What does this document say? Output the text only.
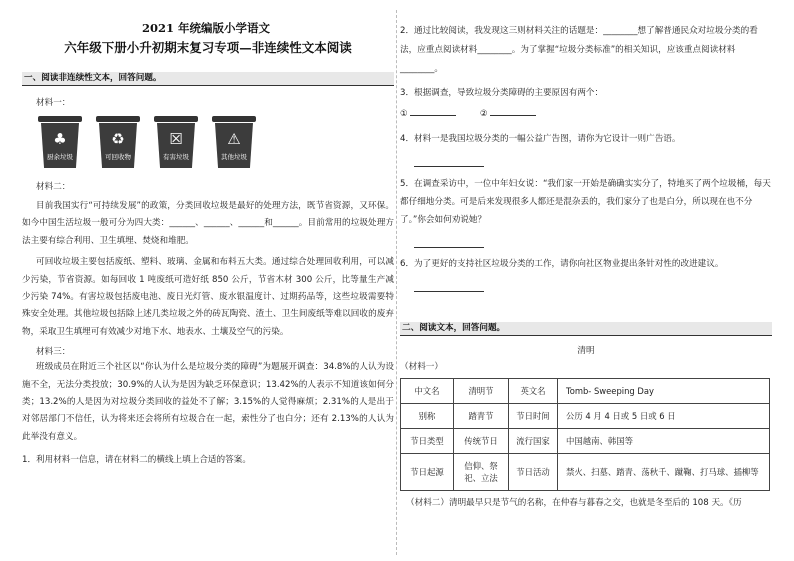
2021 年统编版小学语文
六年级下册小升初期末复习专项—非连续性文本阅读
一、阅读非连续性文本，回答问题。
材料一：
♣
厨余垃圾
♻
可回收物
☒
有害垃圾
⚠
其他垃圾
材料二：
目前我国实行“可持续发展”的政策，分类回收垃圾是最好的处理方法，既节省资源，又环保。如今中国生活垃圾一般可分为四大类：______、______、______和______。目前常用的垃圾处理方法主要有综合利用、卫生填埋、焚烧和堆肥。
可回收垃圾主要包括废纸、塑料、玻璃、金属和布料五大类。通过综合处理回收利用，可以减少污染，节省资源。如每回收 1 吨废纸可造好纸 850 公斤，节省木材 300 公斤，比等量生产减少污染 74%。有害垃圾包括废电池、废日光灯管、废水银温度计、过期药品等，这些垃圾需要特殊安全处理。其他垃圾包括除上述几类垃圾之外的砖瓦陶瓷、渣土、卫生间废纸等难以回收的废弃物，采取卫生填埋可有效减少对地下水、地表水、土壤及空气的污染。
材料三：
班级成员在附近三个社区以“你认为什么是垃圾分类的障碍”为题展开调查：34.8%的人认为设施不全，无法分类投放；30.9%的人认为是因为缺乏环保意识；13.42%的人表示不知道该如何分类；13.2%的人是因为对垃圾分类回收的益处不了解；3.15%的人觉得麻烦；2.31%的人是出于对邻居部门不信任，认为将来还会将所有垃圾合在一起，索性分了也白分；还有 2.13%的人认为此举没有意义。
1．利用材料一信息，请在材料二的横线上填上合适的答案。
2．通过比较阅读，我发现这三则材料关注的话题是：________想了解普通民众对垃圾分类的看法，应重点阅读材料________。为了掌握“垃圾分类标准”的相关知识，应该重点阅读材料________。
3．根据调查，导致垃圾分类障碍的主要原因有两个：
①	②
4．材料一是我国垃圾分类的一幅公益广告图，请你为它设计一则广告语。
5．在调查采访中，一位中年妇女说：“我们家一开始是确确实实分了，特地买了两个垃圾桶，每天都仔细地分类。可是后来发现很多人都还是混杂丢的，我们家分了也是白分，所以现在也不分了。”你会如何劝说她？
6．为了更好的支持社区垃圾分类的工作，请你向社区物业提出条针对性的改进建议。
二、阅读文本，回答问题。
清明
（材料一）
中文名	清明节	英文名	Tomb- Sweeping Day
别称	踏青节	节日时间	公历 4 月 4 日或 5 日或 6 日
节日类型	传统节日	流行国家	中国越南、韩国等
节日起源	信仰、祭祀、立法	节日活动	禁火、扫墓、踏青、荡秋千、蹴鞠、打马球、插柳等
（材料二）清明最早只是节气的名称，在仲春与暮春之交，也就是冬至后的 108 天。《历
